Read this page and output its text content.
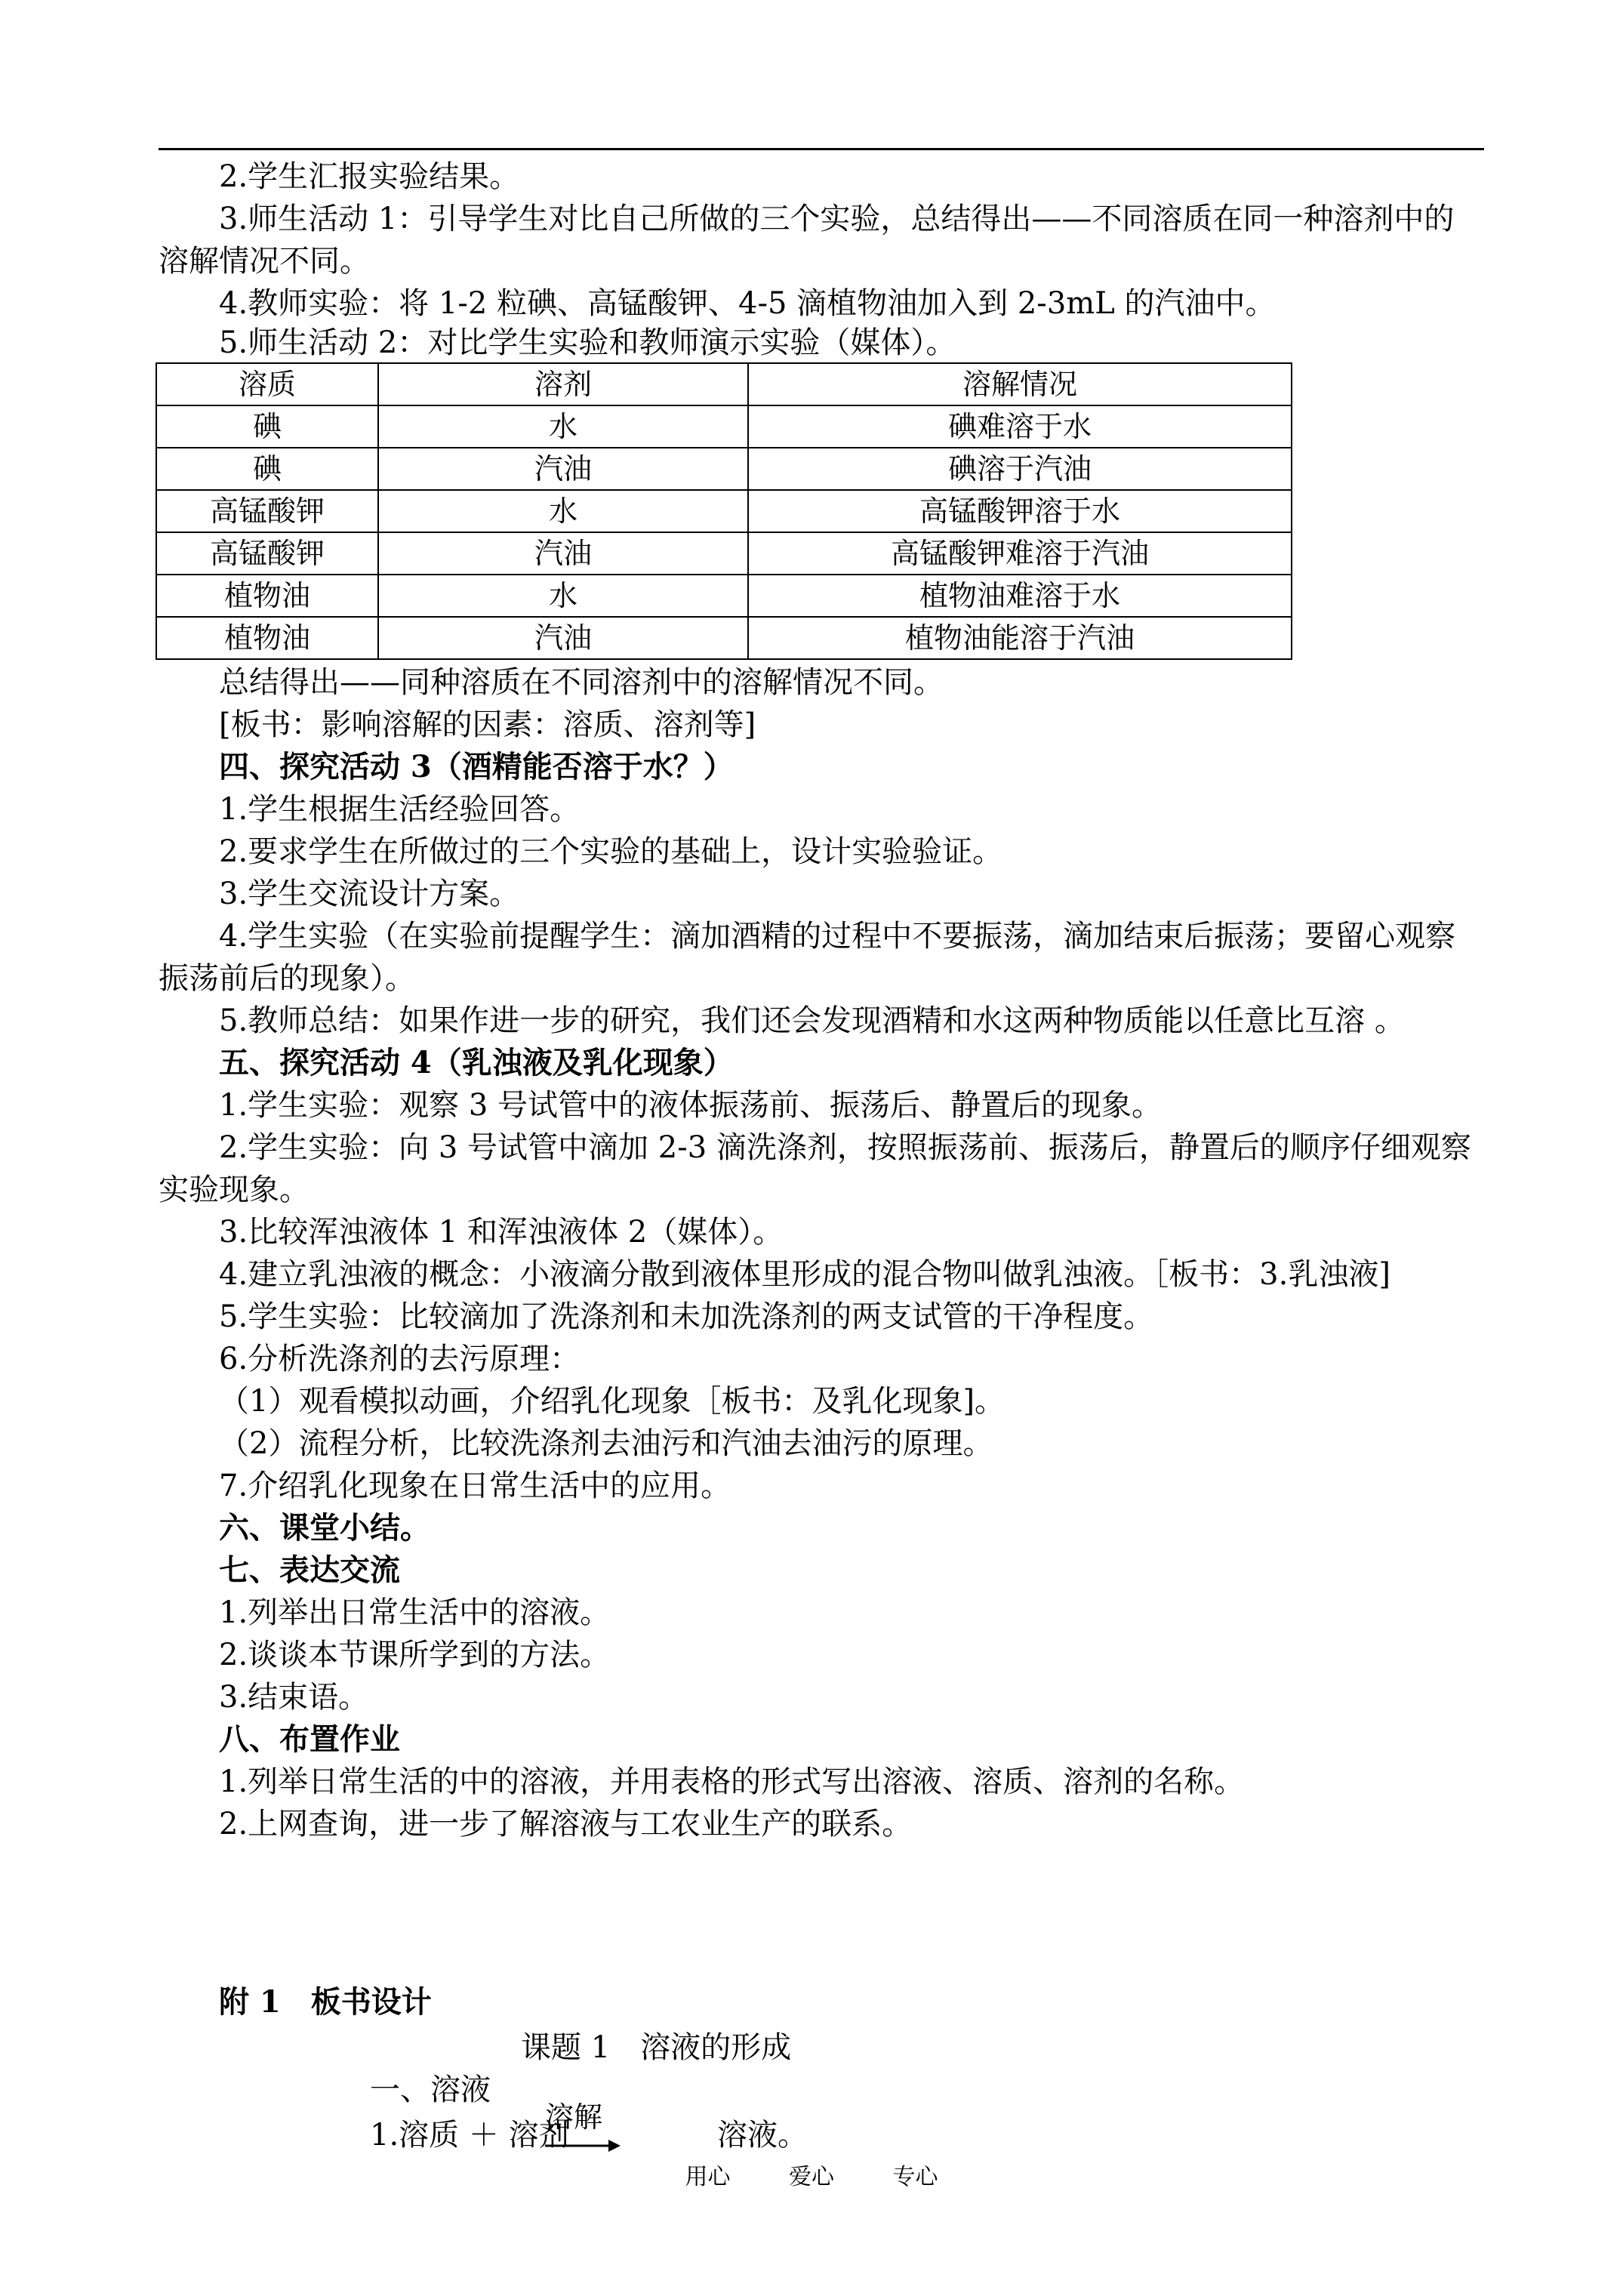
2.学生汇报实验结果。

3.师生活动 1：引导学生对比自己所做的三个实验，总结得出——不同溶质在同一种溶剂中的溶解情况不同。

4.教师实验：将 1-2 粒碘、高锰酸钾、4-5 滴植物油加入到 2-3mL 的汽油中。

5.师生活动 2：对比学生实验和教师演示实验（媒体）。

溶质	溶剂	溶解情况
碘	水	碘难溶于水
碘	汽油	碘溶于汽油
高锰酸钾	水	高锰酸钾溶于水
高锰酸钾	汽油	高锰酸钾难溶于汽油
植物油	水	植物油难溶于水
植物油	汽油	植物油能溶于汽油

总结得出——同种溶质在不同溶剂中的溶解情况不同。

[板书：影响溶解的因素：溶质、溶剂等]

四、探究活动 3（酒精能否溶于水？）

1.学生根据生活经验回答。

2.要求学生在所做过的三个实验的基础上，设计实验验证。

3.学生交流设计方案。

4.学生实验（在实验前提醒学生：滴加酒精的过程中不要振荡，滴加结束后振荡；要留心观察振荡前后的现象）。

5.教师总结：如果作进一步的研究，我们还会发现酒精和水这两种物质能以任意比互溶 。

五、探究活动 4（乳浊液及乳化现象）

1.学生实验：观察 3 号试管中的液体振荡前、振荡后、静置后的现象。

2.学生实验：向 3 号试管中滴加 2-3 滴洗涤剂，按照振荡前、振荡后，静置后的顺序仔细观察实验现象。

3.比较浑浊液体 1 和浑浊液体 2（媒体）。

4.建立乳浊液的概念：小液滴分散到液体里形成的混合物叫做乳浊液。［板书：3.乳浊液]

5.学生实验：比较滴加了洗涤剂和未加洗涤剂的两支试管的干净程度。

6.分析洗涤剂的去污原理：

（1）观看模拟动画，介绍乳化现象［板书：及乳化现象]。

（2）流程分析，比较洗涤剂去油污和汽油去油污的原理。

7.介绍乳化现象在日常生活中的应用。

六、课堂小结。

七、表达交流

1.列举出日常生活中的溶液。

2.谈谈本节课所学到的方法。

3.结束语。

八、布置作业

1.列举日常生活的中的溶液，并用表格的形式写出溶液、溶质、溶剂的名称。

2.上网查询，进一步了解溶液与工农业生产的联系。

附 1　板书设计

课题 1　溶液的形成

一、溶液

1.溶质 ＋ 溶剂

溶解

溶液。

用心	爱心	专心
